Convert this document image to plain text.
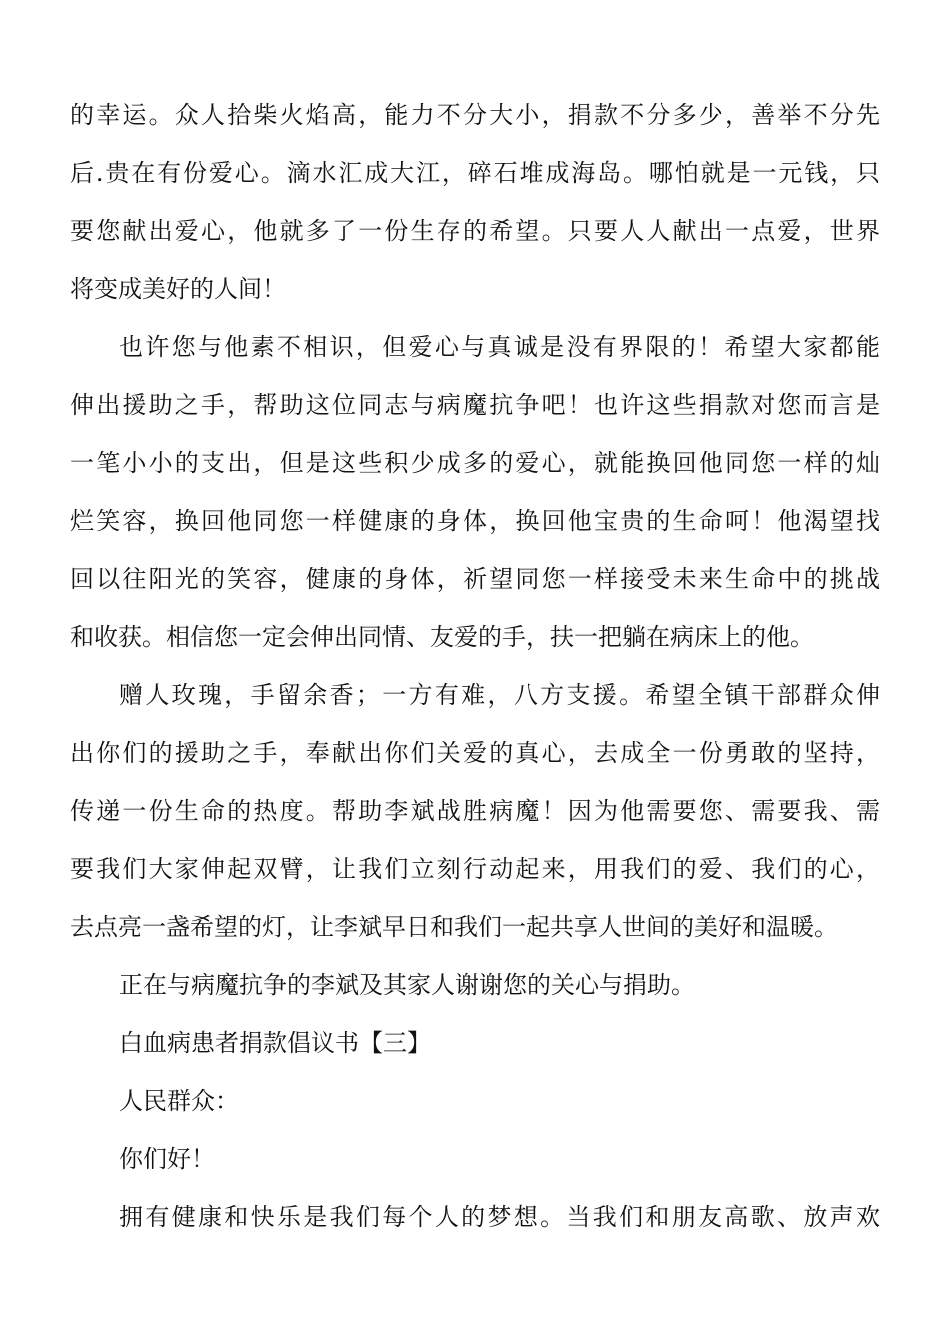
的幸运。众人拾柴火焰高，能力不分大小，捐款不分多少，善举不分先
后.贵在有份爱心。滴水汇成大江，碎石堆成海岛。哪怕就是一元钱，只
要您献出爱心，他就多了一份生存的希望。只要人人献出一点爱，世界
将变成美好的人间！
也许您与他素不相识，但爱心与真诚是没有界限的！希望大家都能
伸出援助之手，帮助这位同志与病魔抗争吧！也许这些捐款对您而言是
一笔小小的支出，但是这些积少成多的爱心，就能换回他同您一样的灿
烂笑容，换回他同您一样健康的身体，换回他宝贵的生命呵！他渴望找
回以往阳光的笑容，健康的身体，祈望同您一样接受未来生命中的挑战
和收获。相信您一定会伸出同情、友爱的手，扶一把躺在病床上的他。
赠人玫瑰，手留余香；一方有难，八方支援。希望全镇干部群众伸
出你们的援助之手，奉献出你们关爱的真心，去成全一份勇敢的坚持，
传递一份生命的热度。帮助李斌战胜病魔！因为他需要您、需要我、需
要我们大家伸起双臂，让我们立刻行动起来，用我们的爱、我们的心，
去点亮一盏希望的灯，让李斌早日和我们一起共享人世间的美好和温暖。
正在与病魔抗争的李斌及其家人谢谢您的关心与捐助。
白血病患者捐款倡议书【三】
人民群众：
你们好！
拥有健康和快乐是我们每个人的梦想。当我们和朋友高歌、放声欢
